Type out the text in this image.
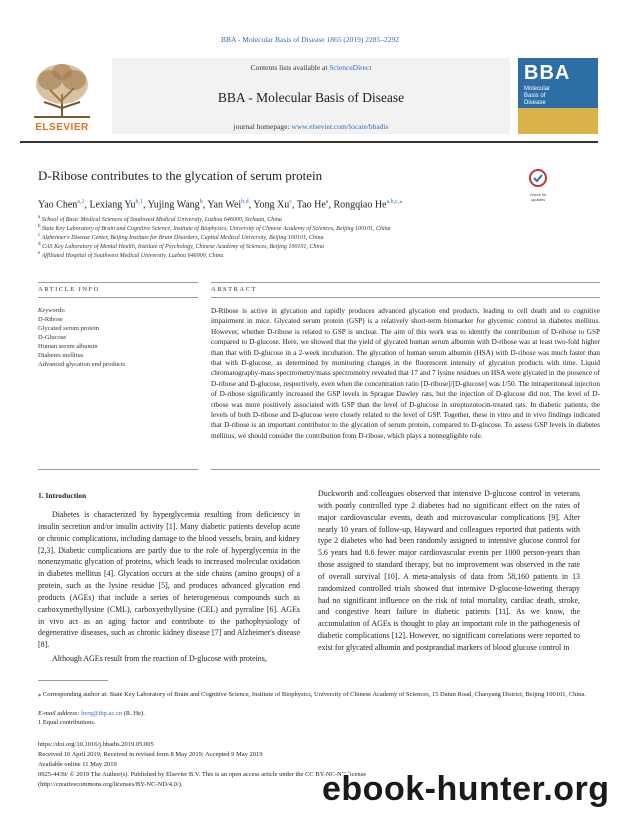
BBA - Molecular Basis of Disease 1865 (2019) 2285–2292
ELSEVIER
Contents lists available at ScienceDirect
BBA - Molecular Basis of Disease
journal homepage: www.elsevier.com/locate/bbadis
BBA
Molecular
Basis of
Disease
D-Ribose contributes to the glycation of serum protein
Check for
updates
Yao Chen$^{a,1}$, Lexiang Yu$^{b,1}$, Yujing Wang$^b$, Yan Wei$^{b,d}$, Yong Xu$^c$, Tao He$^a$, Rongqiao $He^{a,b,c,⁎}$
$^a$ School of Basic Medical Sciences of Southwest Medical University, Luzhou 646000, Sichuan, China
$^b$ State Key Laboratory of Brain and Cognitive Science, Institute of Biophysics, University of Chinese Academy of Sciences, Beijing 100101, China
$^c$ Alzheimer's Disease Center, Beijing Institute for Brain Disorders, Capital Medical University, Beijing 100101, China
$^d$ CAS Key Laboratory of Mental Health, Institute of Psychology, Chinese Academy of Sciences, Beijing 100101, China
$^e$ Affiliated Hospital of Southwest Medical University, Luzhou 646000, China
ARTICLE INFO	ABSTRACT
Keywords:
D-Ribose
Glycated serum protein
D-Glucose
Human serum albumin
Diabetes mellitus
Advanced glycation end products
D-Ribose is active in glycation and rapidly produces advanced glycation end products, leading to cell death and to cognitive impairment in mice. Glycated serum protein (GSP) is a relatively short-term biomarker for glycemic control in diabetes mellitus. However, whether D-ribose is related to GSP is unclear. The aim of this work was to identify the contribution of D-ribose to GSP compared to D-glucose. Here, we showed that the yield of glycated human serum albumin with D-ribose was at least two-fold higher than that with D-glucose in a 2-week incubation. The glycation of human serum albumin (HSA) with D-ribose was much faster than that with D-glucose, as determined by monitoring changes in the fluorescent intensity of glycation products with time. Liquid chromatography-mass spectrometry/mass spectrometry revealed that 17 and 7 lysine residues on HSA were glycated in the presence of D-ribose and D-glucose, respectively, even when the concentration ratio [D-ribose]/[D-glucose] was 1/50. The intraperitoneal injection of D-ribose significantly increased the GSP levels in Sprague Dawley rats, but the injection of D-glucose did not. The level of D-ribose was more positively associated with GSP than the level of D-glucose in streptozotocin-treated rats. In diabetic patients, the levels of both D-ribose and D-glucose were closely related to the level of GSP. Together, these in vitro and in vivo findings indicated that D-ribose is an important contributor to the glycation of serum protein, compared to D-glucose. To assess GSP levels in diabetes mellitus, we should consider the contribution from D-ribose, which plays a nonnegligible role.
1. Introduction
Diabetes is characterized by hyperglycemia resulting from deficiency in insulin secretion and/or insulin activity [1]. Many diabetic patients develop acute or chronic complications, including damage to the blood vessels, brain, and kidney [2,3]. Diabetic complications are partly due to the role of hyperglycemia in the nonenzymatic glycation of proteins, which leads to increased molecular oxidation in diabetes mellitus [4]. Glycation occurs at the side chains (amino groups) of a protein, such as the lysine residue [5], and produces advanced glycation end products (AGEs) that include a series of heterogeneous compounds such as carboxymethyllysine (CML), carboxyethyllysine (CEL) and pyrraline [6]. AGEs in vivo act as an aging factor and contribute to the pathophysiology of degenerative diseases, such as chronic kidney disease [7] and Alzheimer's disease [8].
Although AGEs result from the reaction of D-glucose with proteins,
Duckworth and colleagues observed that intensive D-glucose control in veterans with poorly controlled type 2 diabetes had no significant effect on the rates of major cardiovascular events, death and microvascular complications [9]. After nearly 10 years of follow-up, Hayward and colleagues reported that patients with type 2 diabetes who had been randomly assigned to intensive glucose control for 5.6 years had 8.6 fewer major cardiovascular events per 1000 person-years than those assigned to standard therapy, but no improvement was observed in the rate of overall survival [10]. A meta-analysis of data from 58,160 patients in 13 randomized controlled trials showed that intensive D-glucose-lowering therapy had no significant influence on the risk of total mortality, cardiac death, stroke, and congestive heart failure in diabetic patients [11]. As we know, the accumulation of AGEs is thought to play an important role in the pathogenesis of diabetic complications [12]. However, no significant correlations were reported to exist for glycated albumin and postprandial markers of blood glucose control in
⁎ Corresponding author at: State Key Laboratory of Brain and Cognitive Science, Institute of Biophysics, University of Chinese Academy of Sciences, 15 Datun Road, Chaoyang District, Beijing 100101, China.
E-mail address: herq@ibp.ac.cn (R. He).
1 Equal contributions.
https://doi.org/10.1016/j.bbadis.2019.05.005
Received 10 April 2019; Received in revised form 8 May 2019; Accepted 9 May 2019
Available online 11 May 2019
0925-4439/ © 2019 The Author(s). Published by Elsevier B.V. This is an open access article under the CC BY-NC-ND license
(http://creativecommons.org/licenses/BY-NC-ND/4.0/).	ebook-hunter.org
